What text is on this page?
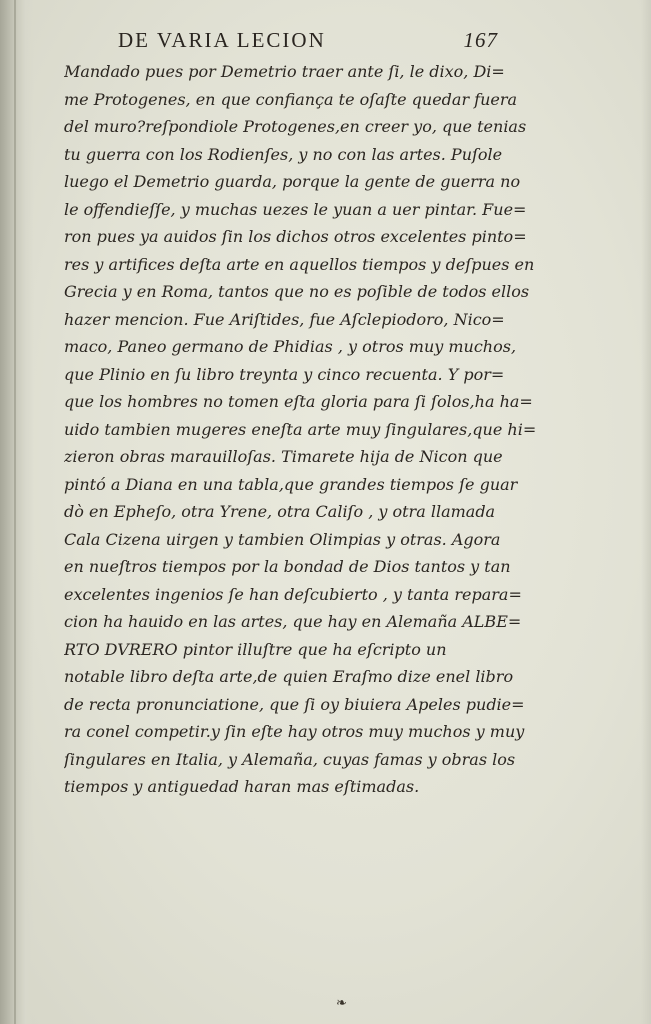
DE VARIA LECION	167
Mandado pues por Demetrio traer ante ſi, le dixo, Di=
me Protogenes, en que confiança te oſaſte quedar fuera
del muro?reſpondiole Protogenes,en creer yo, que tenias
tu guerra con los Rodienſes, y no con las artes. Puſole
luego el Demetrio guarda, porque la gente de guerra no
le offendieſſe, y muchas uezes le yuan a uer pintar. Fue=
ron pues ya auidos ſin los dichos otros excelentes pinto=
res y artifices deſta arte en aquellos tiempos y deſpues en
Grecia y en Roma, tantos que no es poſible de todos ellos
hazer mencion. Fue Ariſtides, fue Aſclepiodoro, Nico=
maco, Paneo germano de Phidias , y otros muy muchos,
que Plinio en ſu libro treynta y cinco recuenta. Y por=
que los hombres no tomen eſta gloria para ſi ſolos,ha ha=
uido tambien mugeres eneſta arte muy ſingulares,que hi=
zieron obras marauilloſas. Timarete hija de Nicon que
pintó a Diana en una tabla,que grandes tiempos ſe guar
dò en Epheſo, otra Yrene, otra Caliſo , y otra llamada
Cala Cizena uirgen y tambien Olimpias y otras. Agora
en nueſtros tiempos por la bondad de Dios tantos y tan
excelentes ingenios ſe han deſcubierto , y tanta repara=
cion ha hauido en las artes, que hay en Alemaña ALBE=
RTO DVRERO pintor illuſtre que ha eſcripto un
notable libro deſta arte,de quien Eraſmo dize enel libro
de recta pronunciatione, que ſi oy biuiera Apeles pudie=
ra conel competir.y ſin eſte hay otros muy muchos y muy
ſingulares en Italia, y Alemaña, cuyas famas y obras los
tiempos y antiguedad haran mas eſtimadas.
❧
